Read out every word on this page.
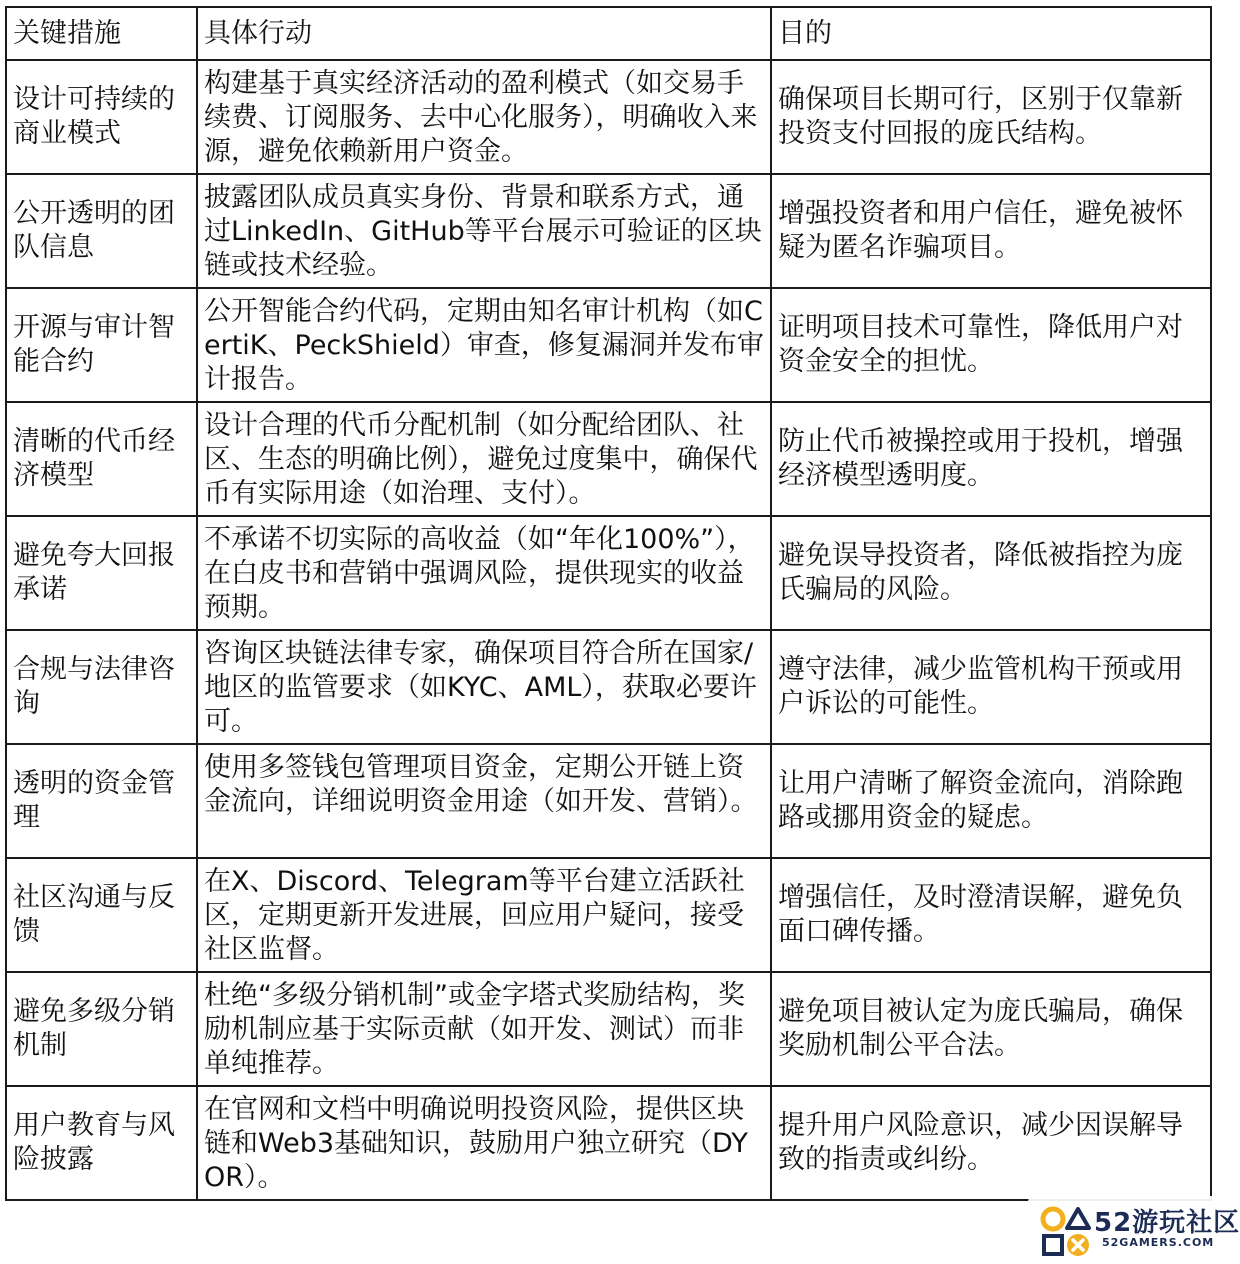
关键措施	具体行动	目的
设计可持续的商业模式	构建基于真实经济活动的盈利模式（如交易手续费、订阅服务、去中心化服务），明确收入来源，避免依赖新用户资金。	确保项目长期可行，区别于仅靠新投资支付回报的庞氏结构。
公开透明的团队信息	披露团队成员真实身份、背景和联系方式，通过LinkedIn、GitHub等平台展示可验证的区块链或技术经验。	增强投资者和用户信任，避免被怀疑为匿名诈骗项目。
开源与审计智能合约	公开智能合约代码，定期由知名审计机构（如CertiK、PeckShield）审查，修复漏洞并发布审计报告。	证明项目技术可靠性，降低用户对资金安全的担忧。
清晰的代币经济模型	设计合理的代币分配机制（如分配给团队、社区、生态的明确比例），避免过度集中，确保代币有实际用途（如治理、支付）。	防止代币被操控或用于投机，增强经济模型透明度。
避免夸大回报承诺	不承诺不切实际的高收益（如“年化100%”），在白皮书和营销中强调风险，提供现实的收益预期。	避免误导投资者，降低被指控为庞氏骗局的风险。
合规与法律咨询	咨询区块链法律专家，确保项目符合所在国家/地区的监管要求（如KYC、AML），获取必要许可。	遵守法律，减少监管机构干预或用户诉讼的可能性。
透明的资金管理	使用多签钱包管理项目资金，定期公开链上资金流向，详细说明资金用途（如开发、营销）。	让用户清晰了解资金流向，消除跑路或挪用资金的疑虑。
社区沟通与反馈	在X、Discord、Telegram等平台建立活跃社区，定期更新开发进展，回应用户疑问，接受社区监督。	增强信任，及时澄清误解，避免负面口碑传播。
避免多级分销机制	杜绝“多级分销机制”或金字塔式奖励结构，奖励机制应基于实际贡献（如开发、测试）而非单纯推荐。	避免项目被认定为庞氏骗局，确保奖励机制公平合法。
用户教育与风险披露	在官网和文档中明确说明投资风险，提供区块链和Web3基础知识，鼓励用户独立研究（DYOR）。	提升用户风险意识，减少因误解导致的指责或纠纷。
52游玩社区
52GAMERS.COM
